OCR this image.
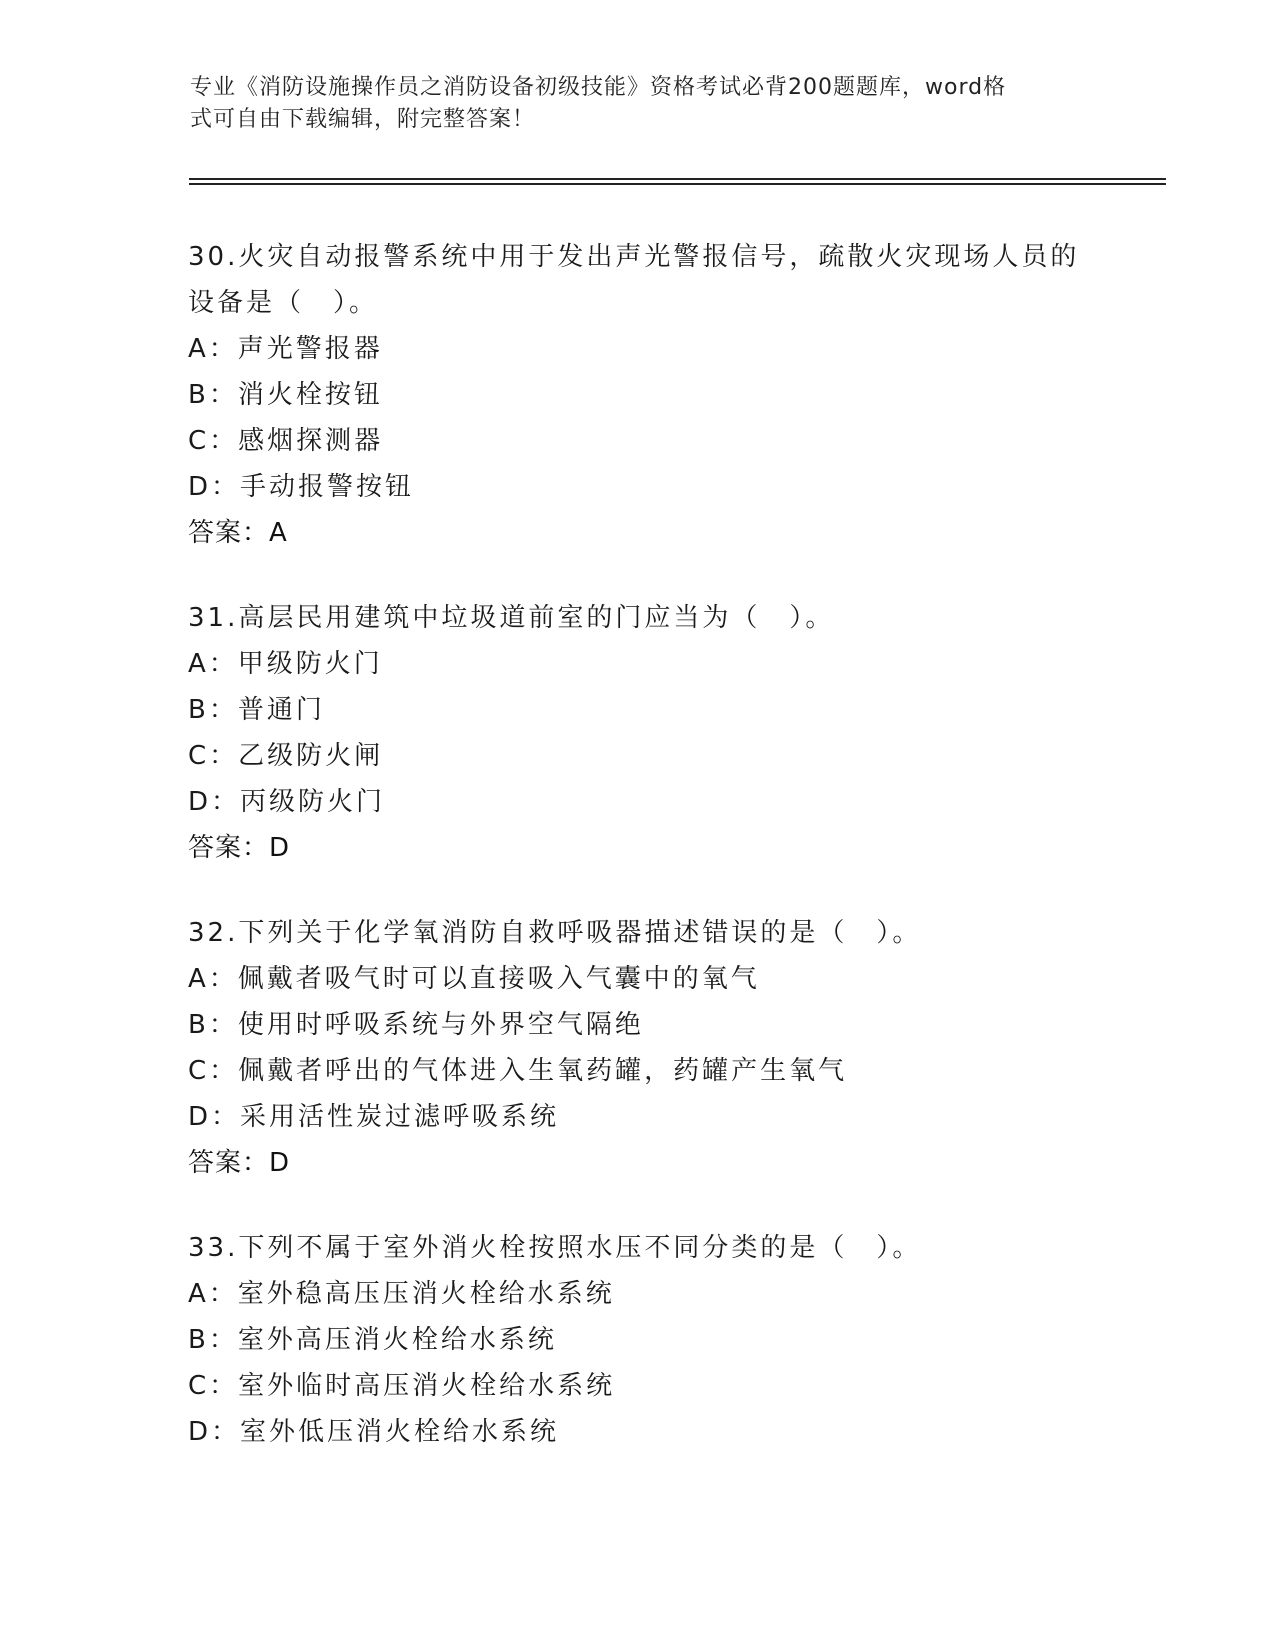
专业《消防设施操作员之消防设备初级技能》资格考试必背200题题库，word格
式可自由下载编辑，附完整答案！
30.火灾自动报警系统中用于发出声光警报信号，疏散火灾现场人员的
设备是（　）。
A：声光警报器
B：消火栓按钮
C：感烟探测器
D：手动报警按钮
答案：A
31.高层民用建筑中垃圾道前室的门应当为（　）。
A：甲级防火门
B：普通门
C：乙级防火闸
D：丙级防火门
答案：D
32.下列关于化学氧消防自救呼吸器描述错误的是（　）。
A：佩戴者吸气时可以直接吸入气囊中的氧气
B：使用时呼吸系统与外界空气隔绝
C：佩戴者呼出的气体进入生氧药罐，药罐产生氧气
D：采用活性炭过滤呼吸系统
答案：D
33.下列不属于室外消火栓按照水压不同分类的是（　）。
A：室外稳高压压消火栓给水系统
B：室外高压消火栓给水系统
C：室外临时高压消火栓给水系统
D：室外低压消火栓给水系统
